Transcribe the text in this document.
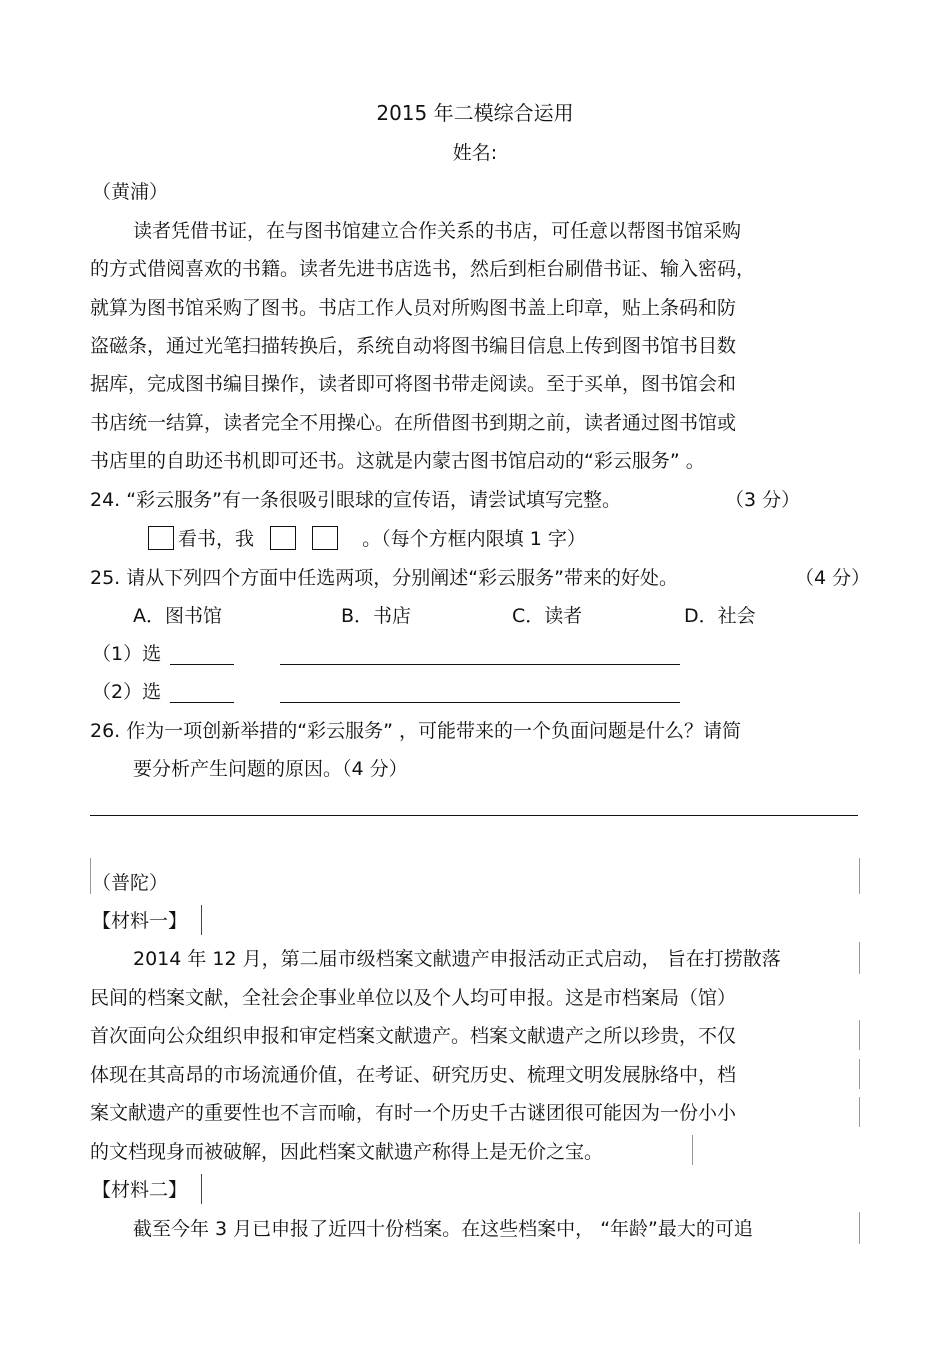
2015 年二模综合运用
姓名:
（黄浦）
读者凭借书证，在与图书馆建立合作关系的书店，可任意以帮图书馆采购
的方式借阅喜欢的书籍。读者先进书店选书，然后到柜台刷借书证、输入密码，
就算为图书馆采购了图书。书店工作人员对所购图书盖上印章，贴上条码和防
盗磁条，通过光笔扫描转换后，系统自动将图书编目信息上传到图书馆书目数
据库，完成图书编目操作，读者即可将图书带走阅读。至于买单，图书馆会和
书店统一结算，读者完全不用操心。在所借图书到期之前，读者通过图书馆或
书店里的自助还书机即可还书。这就是内蒙古图书馆启动的“彩云服务” 。
24. “彩云服务”有一条很吸引眼球的宣传语，请尝试填写完整。	（3 分）
看书，我	。（每个方框内限填 1 字）
25. 请从下列四个方面中任选两项，分别阐述“彩云服务”带来的好处。	（4 分）
A．图书馆	B．书店	C．读者	D．社会
（1）选
（2）选
26. 作为一项创新举措的“彩云服务” ，可能带来的一个负面问题是什么？请简
要分析产生问题的原因。（4 分）
（普陀）
【材料一】
2014 年 12 月，第二届市级档案文献遗产申报活动正式启动， 旨在打捞散落
民间的档案文献，全社会企事业单位以及个人均可申报。这是市档案局（馆）
首次面向公众组织申报和审定档案文献遗产。档案文献遗产之所以珍贵，不仅
体现在其高昂的市场流通价值，在考证、研究历史、梳理文明发展脉络中，档
案文献遗产的重要性也不言而喻，有时一个历史千古谜团很可能因为一份小小
的文档现身而被破解，因此档案文献遗产称得上是无价之宝。
【材料二】
截至今年 3 月已申报了近四十份档案。在这些档案中， “年龄”最大的可追
